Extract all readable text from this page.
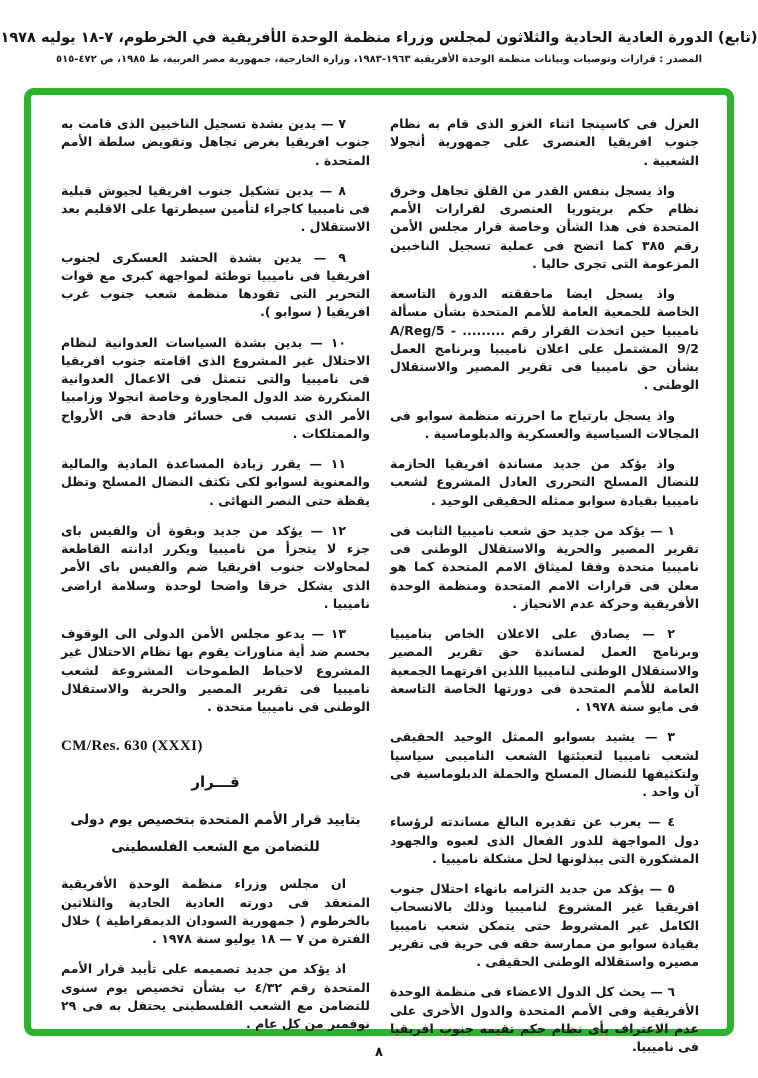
(تابع) الدورة العادية الحادية والثلاثون لمجلس وزراء منظمة الوحدة الأفريقية في الخرطوم، ٧-١٨ يوليه ١٩٧٨
المصدر : قرارات وتوصيات وبيانات منظمة الوحدة الأفريقية ١٩٦٣-١٩٨٣، وزارة الخارجية، جمهورية مصر العربية، ط ١٩٨٥، ص ٤٧٢-٥١٥

العزل فى كاسينجا اثناء الغزو الذى قام به نظام جنوب افريقيا العنصرى على جمهورية أنجولا الشعبية .

واذ يسجل بنفس القدر من القلق تجاهل وخرق نظام حكم بريتوريا العنصرى لقرارات الأمم المتحدة فى هذا الشأن وخاصة قرار مجلس الأمن رقم ٣٨٥ كما اتضح فى عملية تسجيل الناخبين المزعومة التى تجرى حاليا .

واذ يسجل ايضا ماحققته الدورة التاسعة الخاصة للجمعية العامة للأمم المتحدة بشأن مسألة ناميبيا حين اتخذت القرار رقم ......... A/Reg/5 - 9/2 المشتمل على اعلان ناميبيا وبرنامج العمل بشأن حق ناميبيا فى تقرير المصير والاستقلال الوطنى .

واذ يسجل بارتياح ما احرزته منظمة سوابو فى المجالات السياسية والعسكرية والدبلوماسية .

واذ يؤكد من جديد مساندة افريقيا الحازمة للنضال المسلح التحررى العادل المشروع لشعب ناميبيا بقيادة سوابو ممثله الحقيقى الوحيد .

١ — يؤكد من جديد حق شعب ناميبيا الثابت فى تقرير المصير والحرية والاستقلال الوطنى فى ناميبيا متحدة وفقا لميثاق الامم المتحدة كما هو معلن فى قرارات الامم المتحدة ومنظمة الوحدة الأفريقية وحركة عدم الانحياز .

٢ — يصادق على الاعلان الخاص بناميبيا وبرنامج العمل لمساندة حق تقرير المصير والاستقلال الوطنى لناميبيا اللذين اقرتهما الجمعية العامة للأمم المتحدة فى دورتها الخاصة التاسعة فى مايو سنة ١٩٧٨ .

٣ — يشيد بسوابو الممثل الوحيد الحقيقى لشعب ناميبيا لتعبئتها الشعب الناميبى سياسيا ولتكثيفها للنضال المسلح والحملة الدبلوماسية فى آن واحد .

٤ — يعرب عن تقديره البالغ مساندته لرؤساء دول المواجهة للدور الفعال الذى لعبوه والجهود المشكورة التى يبذلونها لحل مشكلة ناميبيا .

٥ — يؤكد من جديد التزامه بانهاء احتلال جنوب افريقيا غير المشروع لناميبيا وذلك بالانسحاب الكامل غير المشروط حتى يتمكن شعب ناميبيا بقيادة سوابو من ممارسة حقه فى حرية فى تقرير مصيره واستقلاله الوطنى الحقيقى .

٦ — يحث كل الدول الاعضاء فى منظمة الوحدة الأفريقية وفى الأمم المتحدة والدول الأخرى على عدم الاعتراف بأى نظام حكم تقيمه جنوب افريقيا فى ناميبيا.

٧ — يدين بشدة تسجيل الناخبين الذى قامت به جنوب افريقيا بغرض تجاهل وتقويض سلطة الأمم المتحدة .

٨ — يدين تشكيل جنوب افريقيا لجيوش قبلية فى ناميبيا كاجراء لتأمين سيطرتها على الاقليم بعد الاستقلال .

٩ — يدين بشدة الحشد العسكرى لجنوب افريقيا فى ناميبيا توطئة لمواجهة كبرى مع قوات التحرير التى تقودها منظمة شعب جنوب غرب افريقيا ( سوابو ).

١٠ — يدين بشدة السياسات العدوانية لنظام الاحتلال غير المشروع الذى اقامته جنوب افريقيا فى ناميبيا والتى تتمثل فى الاعمال العدوانية المتكررة ضد الدول المجاورة وخاصة انجولا وزامبيا الأمر الذى تسبب فى خسائر فادحة فى الأرواح والممتلكات .

١١ — يقرر زيادة المساعدة المادية والمالية والمعنوية لسوابو لكى تكثف النضال المسلح وتظل يقظة حتى النصر النهائى .

١٢ — يؤكد من جديد وبقوة أن والفيس باى جزء لا يتجزأ من ناميبيا ويكرر ادانته القاطعة لمحاولات جنوب افريقيا ضم والفيس باى الأمر الذى يشكل خرقا واضحا لوحدة وسلامة اراضى ناميبيا .

١٣ — يدعو مجلس الأمن الدولى الى الوقوف بحسم ضد أية مناورات يقوم بها نظام الاحتلال غير المشروع لاحباط الطموحات المشروعة لشعب ناميبيا فى تقرير المصير والحرية والاستقلال الوطنى فى ناميبيا متحدة .

CM/Res. 630 (XXXI)
قـــرار
بتاييد قرار الأمم المتحدة بتخصيص يوم دولى
للتضامن مع الشعب الفلسطينى

ان مجلس وزراء منظمة الوحدة الأفريقية المنعقد فى دورته العادية الحادية والثلاثين بالخرطوم ( جمهورية السودان الديمقراطية ) خلال الفترة من ٧ — ١٨ يوليو سنة ١٩٧٨ .

اذ يؤكد من جديد تصميمه على تأييد قرار الأمم المتحدة رقم ٤/٣٢ ب بشأن تخصيص يوم سنوى للتضامن مع الشعب الفلسطينى يحتفل به فى ٢٩ نوفمبر من كل عام .

٨
